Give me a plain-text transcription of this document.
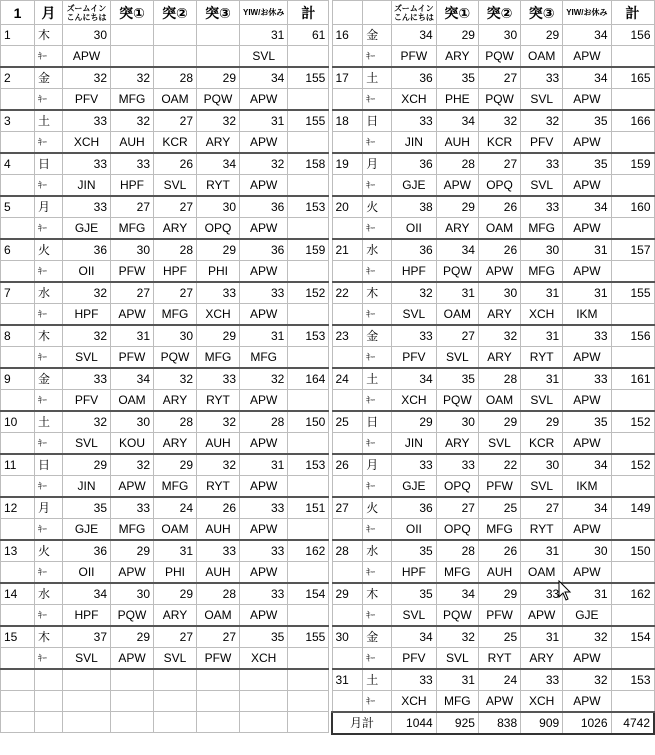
1	月	ズームイン
こんにちは	突①	突②	突③	YIW/お休み	計
1	木	30				31	61
	ｷｰ	APW				SVL	
2	金	32	32	28	29	34	155
	ｷｰ	PFV	MFG	OAM	PQW	APW	
3	土	33	32	27	32	31	155
	ｷｰ	XCH	AUH	KCR	ARY	APW	
4	日	33	33	26	34	32	158
	ｷｰ	JIN	HPF	SVL	RYT	APW	
5	月	33	27	27	30	36	153
	ｷｰ	GJE	MFG	ARY	OPQ	APW	
6	火	36	30	28	29	36	159
	ｷｰ	OII	PFW	HPF	PHI	APW	
7	水	32	27	27	33	33	152
	ｷｰ	HPF	APW	MFG	XCH	APW	
8	木	32	31	30	29	31	153
	ｷｰ	SVL	PFW	PQW	MFG	MFG	
9	金	33	34	32	33	32	164
	ｷｰ	PFV	OAM	ARY	RYT	APW	
10	土	32	30	28	32	28	150
	ｷｰ	SVL	KOU	ARY	AUH	APW	
11	日	29	32	29	32	31	153
	ｷｰ	JIN	APW	MFG	RYT	APW	
12	月	35	33	24	26	33	151
	ｷｰ	GJE	MFG	OAM	AUH	APW	
13	火	36	29	31	33	33	162
	ｷｰ	OII	APW	PHI	AUH	APW	
14	水	34	30	29	28	33	154
	ｷｰ	HPF	PQW	ARY	OAM	APW	
15	木	37	29	27	27	35	155
	ｷｰ	SVL	APW	SVL	PFW	XCH	

		ズームイン
こんにちは	突①	突②	突③	YIW/お休み	計
16	金	34	29	30	29	34	156
	ｷｰ	PFW	ARY	PQW	OAM	APW	
17	土	36	35	27	33	34	165
	ｷｰ	XCH	PHE	PQW	SVL	APW	
18	日	33	34	32	32	35	166
	ｷｰ	JIN	AUH	KCR	PFV	APW	
19	月	36	28	27	33	35	159
	ｷｰ	GJE	APW	OPQ	SVL	APW	
20	火	38	29	26	33	34	160
	ｷｰ	OII	ARY	OAM	MFG	APW	
21	水	36	34	26	30	31	157
	ｷｰ	HPF	PQW	APW	MFG	APW	
22	木	32	31	30	31	31	155
	ｷｰ	SVL	OAM	ARY	XCH	IKM	
23	金	33	27	32	31	33	156
	ｷｰ	PFV	SVL	ARY	RYT	APW	
24	土	34	35	28	31	33	161
	ｷｰ	XCH	PQW	OAM	SVL	APW	
25	日	29	30	29	29	35	152
	ｷｰ	JIN	ARY	SVL	KCR	APW	
26	月	33	33	22	30	34	152
	ｷｰ	GJE	OPQ	PFW	SVL	IKM	
27	火	36	27	25	27	34	149
	ｷｰ	OII	OPQ	MFG	RYT	APW	
28	水	35	28	26	31	30	150
	ｷｰ	HPF	MFG	AUH	OAM	APW	
29	木	35	34	29	33	31	162
	ｷｰ	SVL	PQW	PFW	APW	GJE	
30	金	34	32	25	31	32	154
	ｷｰ	PFV	SVL	RYT	ARY	APW	
31	土	33	31	24	33	32	153
	ｷｰ	XCH	MFG	APW	XCH	APW	
月計		1044	925	838	909	1026	4742
